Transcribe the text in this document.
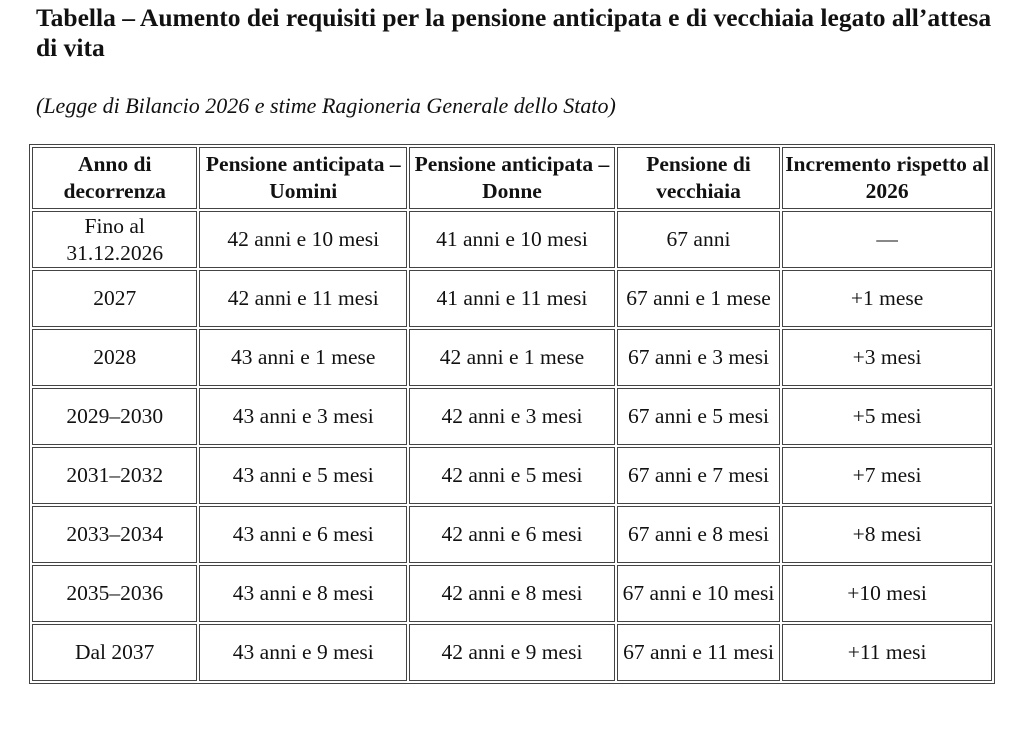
Tabella – Aumento dei requisiti per la pensione anticipata e di vecchiaia legato all’attesa di vita

(Legge di Bilancio 2026 e stime Ragioneria Generale dello Stato)

Anno di decorrenza	Pensione anticipata – Uomini	Pensione anticipata – Donne	Pensione di vecchiaia	Incremento rispetto al 2026
Fino al 31.12.2026	42 anni e 10 mesi	41 anni e 10 mesi	67 anni	—
2027	42 anni e 11 mesi	41 anni e 11 mesi	67 anni e 1 mese	+1 mese
2028	43 anni e 1 mese	42 anni e 1 mese	67 anni e 3 mesi	+3 mesi
2029–2030	43 anni e 3 mesi	42 anni e 3 mesi	67 anni e 5 mesi	+5 mesi
2031–2032	43 anni e 5 mesi	42 anni e 5 mesi	67 anni e 7 mesi	+7 mesi
2033–2034	43 anni e 6 mesi	42 anni e 6 mesi	67 anni e 8 mesi	+8 mesi
2035–2036	43 anni e 8 mesi	42 anni e 8 mesi	67 anni e 10 mesi	+10 mesi
Dal 2037	43 anni e 9 mesi	42 anni e 9 mesi	67 anni e 11 mesi	+11 mesi
